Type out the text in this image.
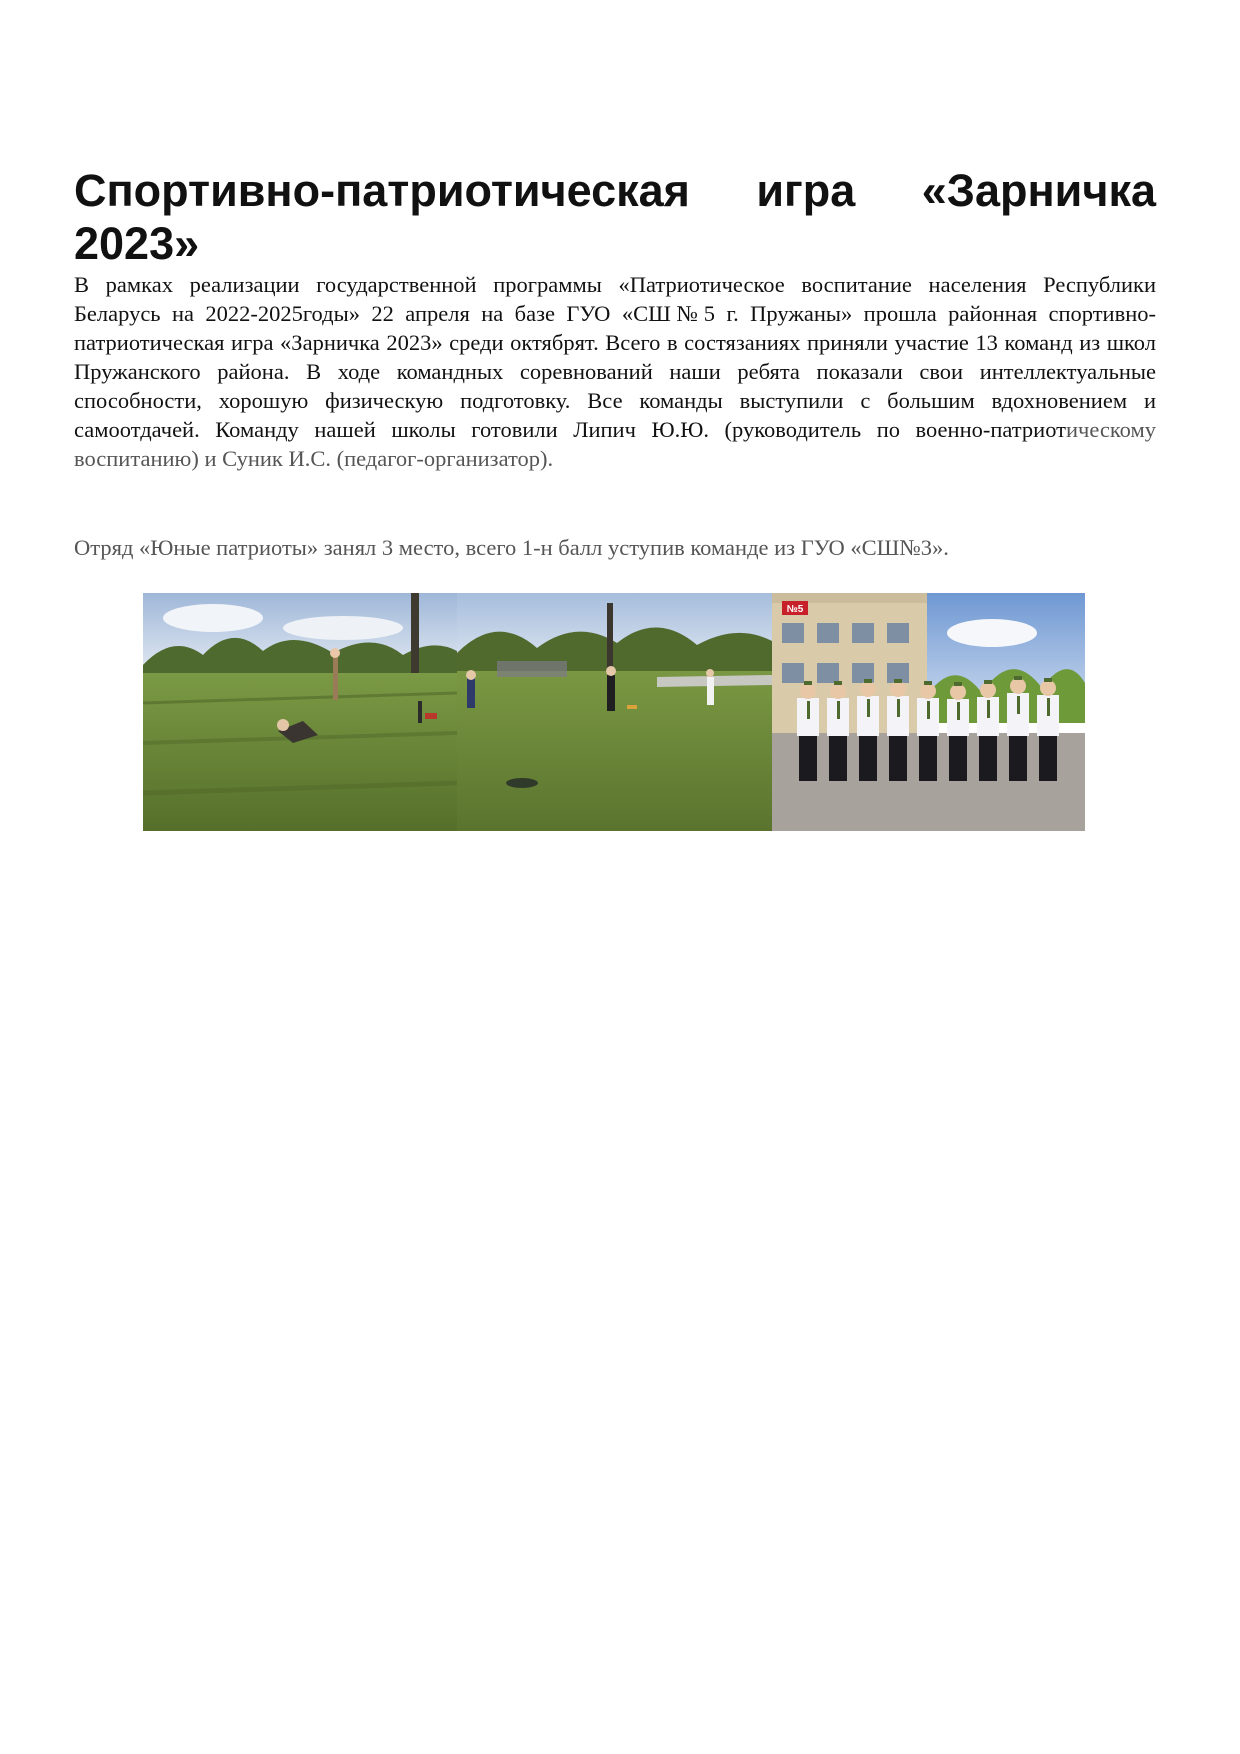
Спортивно-патриотическая игра «Зарничка 2023»

В рамках реализации государственной программы «Патриотическое воспитание населения Республики Беларусь на 2022-2025годы» 22 апреля на базе ГУО «СШ№5 г. Пружаны» прошла районная спортивно-патриотическая игра «Зарничка 2023» среди октябрят. Всего в состязаниях приняли участие 13 команд из школ Пружанского района. В ходе командных соревнований наши ребята показали свои интеллектуальные способности, хорошую физическую подготовку. Все команды выступили с большим вдохновением и самоотдачей. Команду нашей школы готовили Липич Ю.Ю. (руководитель по военно-патриотическому воспитанию) и Суник И.С. (педагог-организатор).

Отряд «Юные патриоты» занял 3 место, всего 1-н балл уступив команде из ГУО «СШ№3».

№5
